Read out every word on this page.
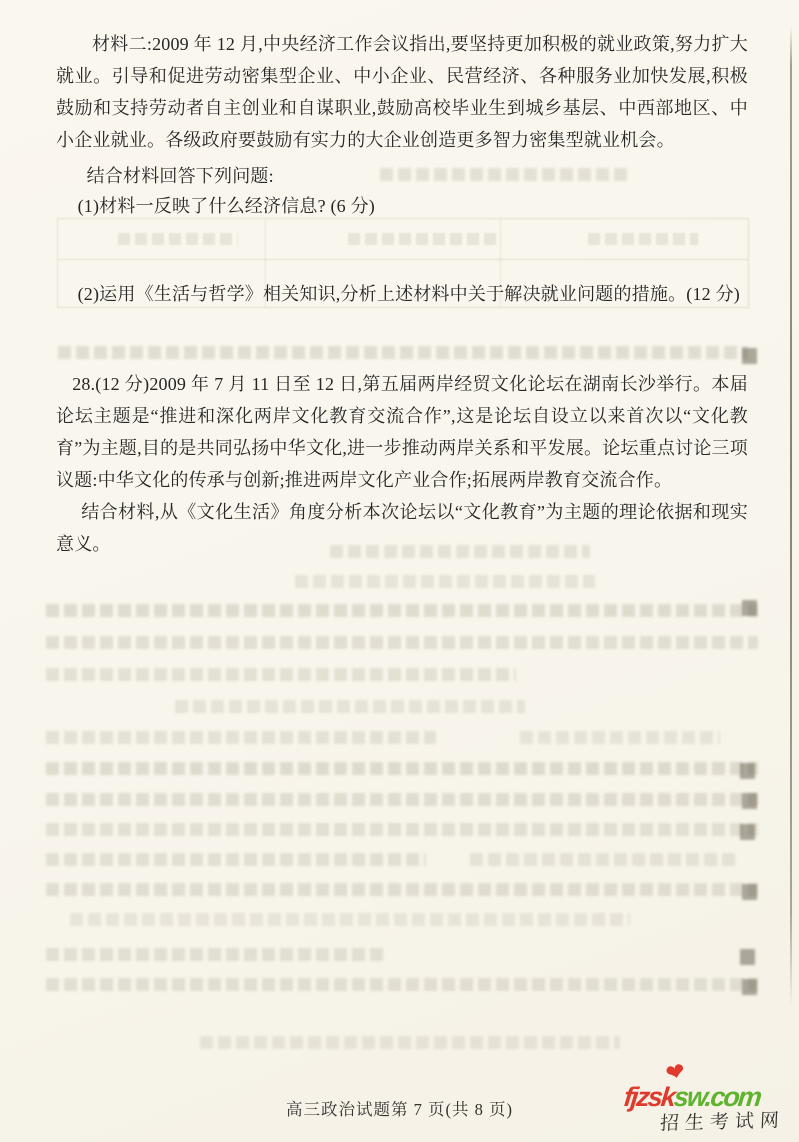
材料二:2009 年 12 月,中央经济工作会议指出,要坚持更加积极的就业政策,努力扩大就业。引导和促进劳动密集型企业、中小企业、民营经济、各种服务业加快发展,积极鼓励和支持劳动者自主创业和自谋职业,鼓励高校毕业生到城乡基层、中西部地区、中小企业就业。各级政府要鼓励有实力的大企业创造更多智力密集型就业机会。

结合材料回答下列问题:

(1)材料一反映了什么经济信息? (6 分)

(2)运用《生活与哲学》相关知识,分析上述材料中关于解决就业问题的措施。(12 分)

28.(12 分)2009 年 7 月 11 日至 12 日,第五届两岸经贸文化论坛在湖南长沙举行。本届论坛主题是“推进和深化两岸文化教育交流合作”,这是论坛自设立以来首次以“文化教育”为主题,目的是共同弘扬中华文化,进一步推动两岸关系和平发展。论坛重点讨论三项议题:中华文化的传承与创新;推进两岸文化产业合作;拓展两岸教育交流合作。

结合材料,从《文化生活》角度分析本次论坛以“文化教育”为主题的理论依据和现实意义。

高三政治试题第 7 页(共 8 页)
❤
fjzsksw.com
招生考试网
